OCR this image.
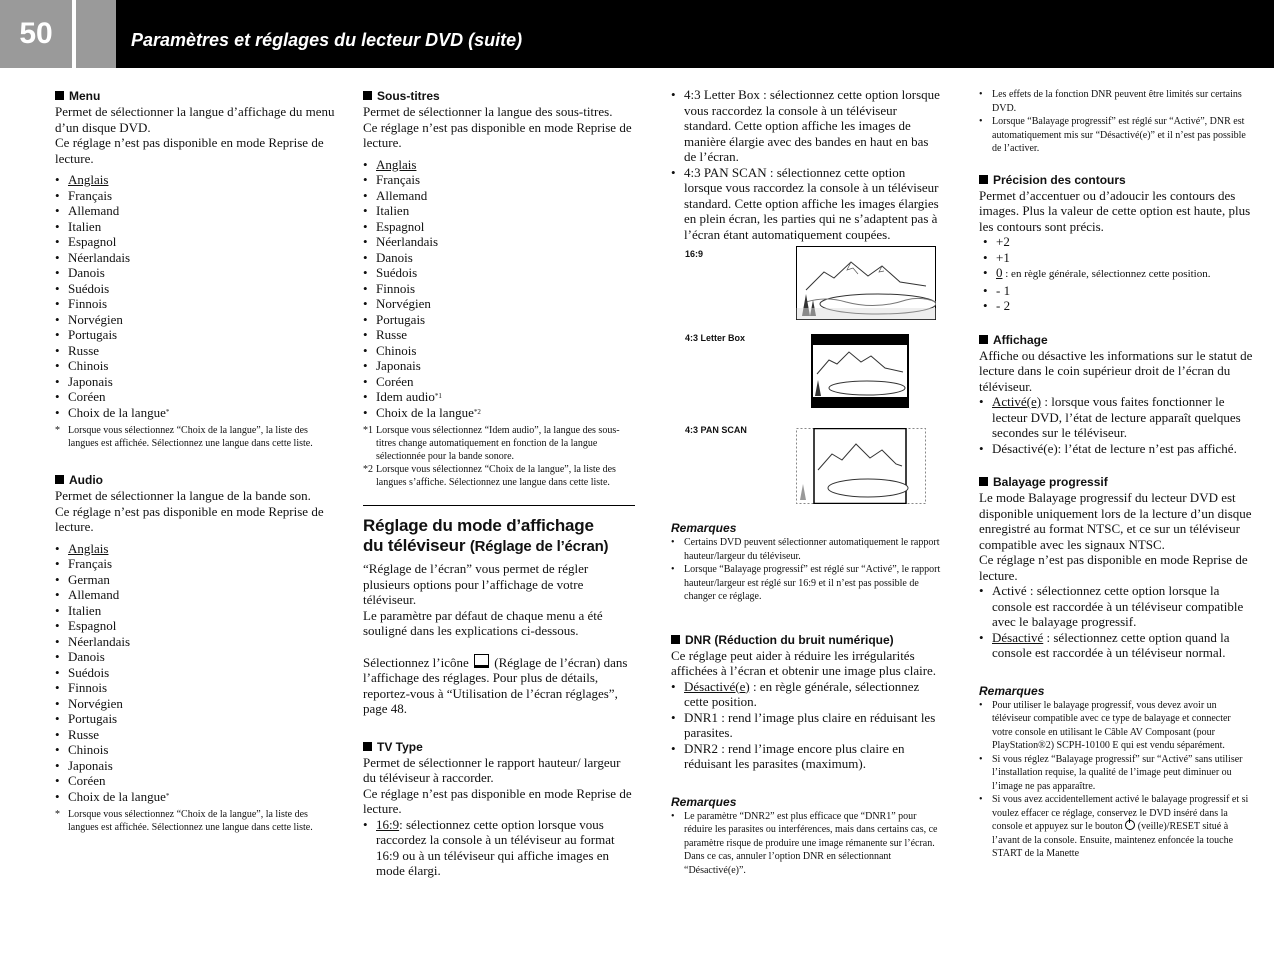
50	Paramètres et réglages du lecteur DVD (suite)
Menu

Permet de sélectionner la langue d’affichage du menu d’un disque DVD.

Ce réglage n’est pas disponible en mode Reprise de lecture.

• Anglais
• Français
• Allemand
• Italien
• Espagnol
• Néerlandais
• Danois
• Suédois
• Finnois
• Norvégien
• Portugais
• Russe
• Chinois
• Japonais
• Coréen
• Choix de la langue*
* Lorsque vous sélectionnez “Choix de la langue”, la liste des langues est affichée. Sélectionnez une langue dans cette liste.
Audio

Permet de sélectionner la langue de la bande son.

Ce réglage n’est pas disponible en mode Reprise de lecture.

• Anglais
• Français
• German
• Allemand
• Italien
• Espagnol
• Néerlandais
• Danois
• Suédois
• Finnois
• Norvégien
• Portugais
• Russe
• Chinois
• Japonais
• Coréen
• Choix de la langue*
* Lorsque vous sélectionnez “Choix de la langue”, la liste des langues est affichée. Sélectionnez une langue dans cette liste.
Sous-titres

Permet de sélectionner la langue des sous-titres.

Ce réglage n’est pas disponible en mode Reprise de lecture.

• Anglais
• Français
• Allemand
• Italien
• Espagnol
• Néerlandais
• Danois
• Suédois
• Finnois
• Norvégien
• Portugais
• Russe
• Chinois
• Japonais
• Coréen
• Idem audio$^{*1}$
• Choix de la langue$^{*2}$
*1 Lorsque vous sélectionnez “Idem audio”, la langue des sous-titres change automatiquement en fonction de la langue sélectionnée pour la bande sonore.
*2 Lorsque vous sélectionnez “Choix de la langue”, la liste des langues s’affiche. Sélectionnez une langue dans cette liste.
Réglage du mode d’affichage
du téléviseur (Réglage de l’écran)

“Réglage de l’écran” vous permet de régler plusieurs options pour l’affichage de votre téléviseur.

Le paramètre par défaut de chaque menu a été souligné dans les explications ci-dessous.

Sélectionnez l’icône (Réglage de l’écran) dans l’affichage des réglages. Pour plus de détails, reportez-vous à “Utilisation de l’écran réglages”, page 48.

TV Type

Permet de sélectionner le rapport hauteur/ largeur du téléviseur à raccorder.

Ce réglage n’est pas disponible en mode Reprise de lecture.

• 16:9: sélectionnez cette option lorsque vous raccordez la console à un téléviseur au format 16:9 ou à un téléviseur qui affiche images en mode élargi.
• 4:3 Letter Box : sélectionnez cette option lorsque vous raccordez la console à un téléviseur standard. Cette option affiche les images de manière élargie avec des bandes en haut en bas de l’écran.
• 4:3 PAN SCAN : sélectionnez cette option lorsque vous raccordez la console à un téléviseur standard. Cette option affiche les images élargies en plein écran, les parties qui ne s’adaptent pas à l’écran étant automatiquement coupées.
16:9
4:3 Letter Box
4:3 PAN SCAN
Remarques
• Certains DVD peuvent sélectionner automatiquement le rapport hauteur/largeur du téléviseur.
• Lorsque “Balayage progressif” est réglé sur “Activé”, le rapport hauteur/largeur est réglé sur 16:9 et il n’est pas possible de changer ce réglage.
DNR (Réduction du bruit numérique)

Ce réglage peut aider à réduire les irrégularités affichées à l’écran et obtenir une image plus claire.

• Désactivé(e) : en règle générale, sélectionnez cette position.
• DNR1 : rend l’image plus claire en réduisant les parasites.
• DNR2 : rend l’image encore plus claire en réduisant les parasites (maximum).
Remarques
• Le paramètre “DNR2” est plus efficace que “DNR1” pour réduire les parasites ou interférences, mais dans certains cas, ce paramètre risque de produire une image rémanente sur l’écran. Dans ce cas, annuler l’option DNR en sélectionnant “Désactivé(e)”.
• Les effets de la fonction DNR peuvent être limités sur certains DVD.
• Lorsque “Balayage progressif” est réglé sur “Activé”, DNR est automatiquement mis sur “Désactivé(e)” et il n’est pas possible de l’activer.
Précision des contours

Permet d’accentuer ou d’adoucir les contours des images. Plus la valeur de cette option est haute, plus les contours sont précis.

• +2
• +1
• 0 : en règle générale, sélectionnez cette position.
• - 1
• - 2
Affichage

Affiche ou désactive les informations sur le statut de lecture dans le coin supérieur droit de l’écran du téléviseur.

• Activé(e) : lorsque vous faites fonctionner le lecteur DVD, l’état de lecture apparaît quelques secondes sur le téléviseur.
• Désactivé(e): l’état de lecture n’est pas affiché.
Balayage progressif

Le mode Balayage progressif du lecteur DVD est disponible uniquement lors de la lecture d’un disque enregistré au format NTSC, et ce sur un téléviseur compatible avec les signaux NTSC.

Ce réglage n’est pas disponible en mode Reprise de lecture.

• Activé : sélectionnez cette option lorsque la console est raccordée à un téléviseur compatible avec le balayage progressif.
• Désactivé : sélectionnez cette option quand la console est raccordée à un téléviseur normal.
Remarques
• Pour utiliser le balayage progressif, vous devez avoir un téléviseur compatible avec ce type de balayage et connecter votre console en utilisant le Câble AV Composant (pour PlayStation®2) SCPH-10100 E qui est vendu séparément.
• Si vous réglez “Balayage progressif” sur “Activé” sans utiliser l’installation requise, la qualité de l’image peut diminuer ou l’image ne pas apparaître.
• Si vous avez accidentellement activé le balayage progressif et si voulez effacer ce réglage, conservez le DVD inséré dans la console et appuyez sur le bouton (veille)/RESET situé à l’avant de la console. Ensuite, maintenez enfoncée la touche START de la Manette
